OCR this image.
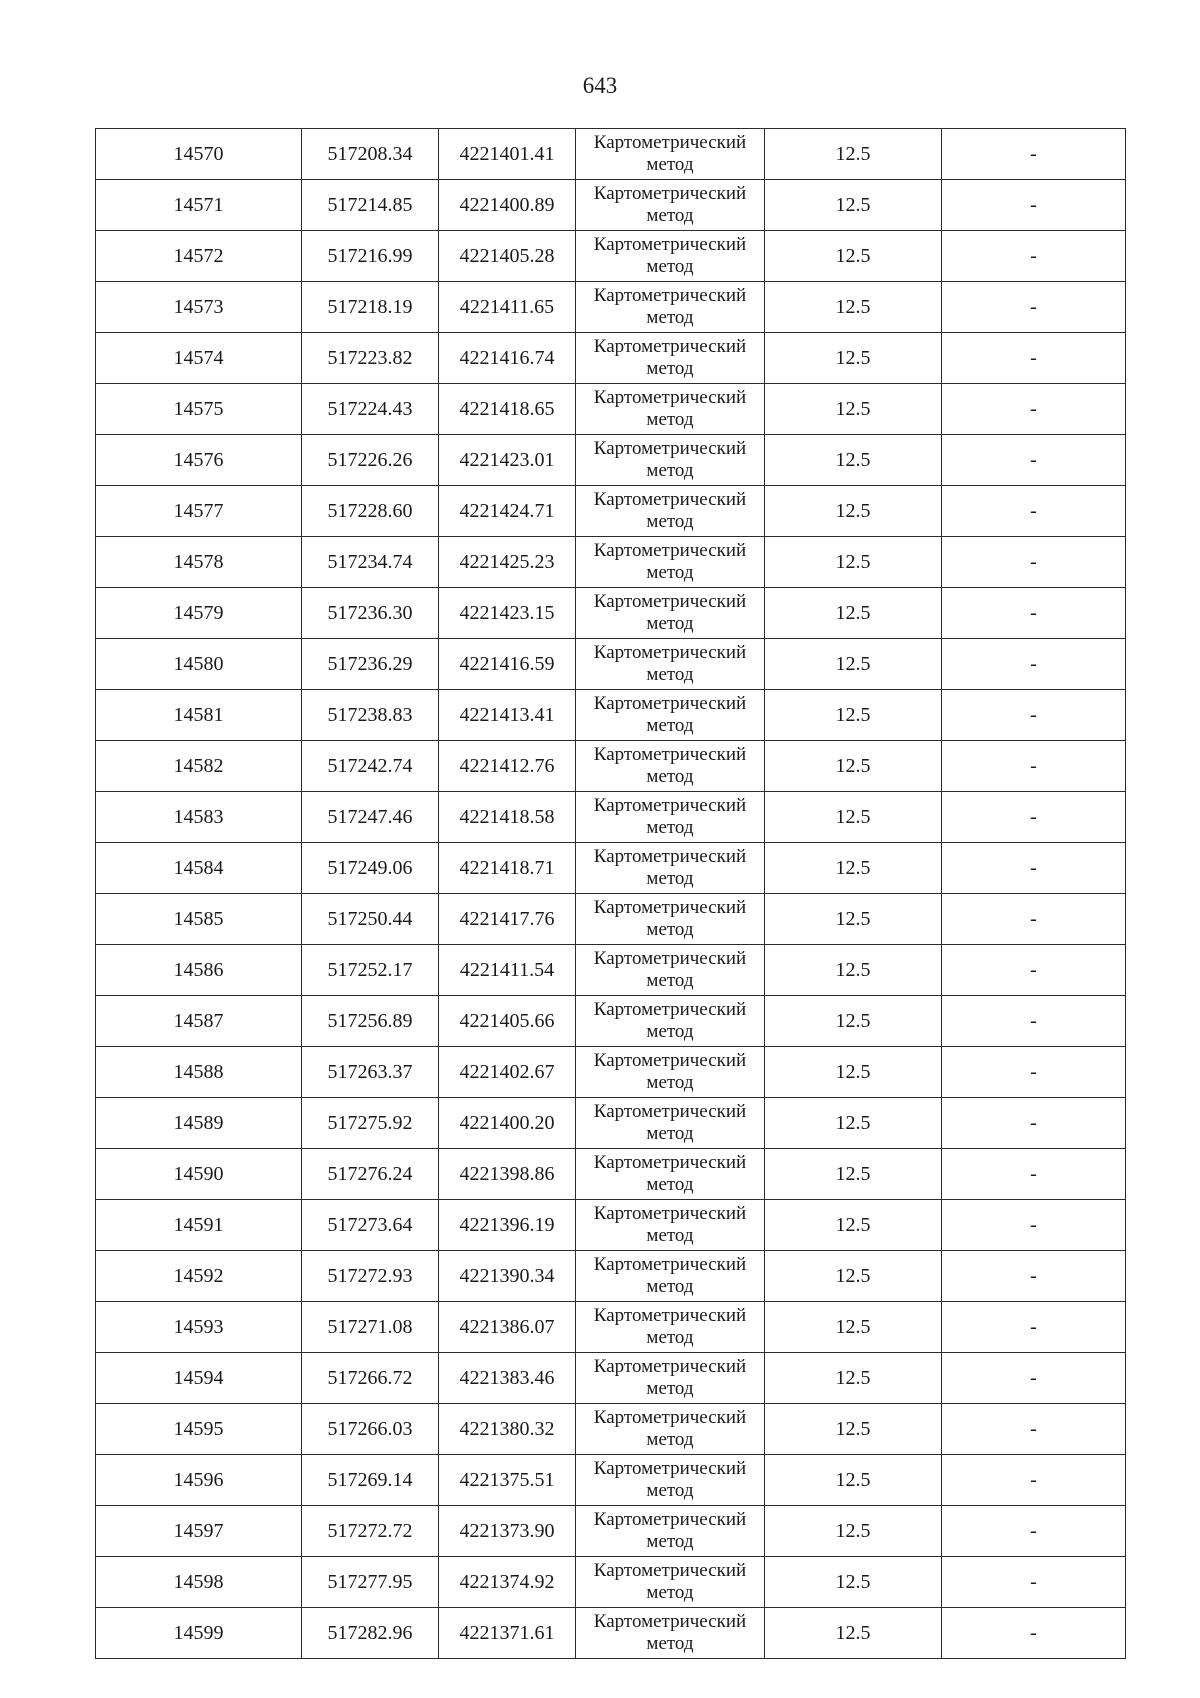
643
14570	517208.34	4221401.41	Картометрический метод	12.5	-
14571	517214.85	4221400.89	Картометрический метод	12.5	-
14572	517216.99	4221405.28	Картометрический метод	12.5	-
14573	517218.19	4221411.65	Картометрический метод	12.5	-
14574	517223.82	4221416.74	Картометрический метод	12.5	-
14575	517224.43	4221418.65	Картометрический метод	12.5	-
14576	517226.26	4221423.01	Картометрический метод	12.5	-
14577	517228.60	4221424.71	Картометрический метод	12.5	-
14578	517234.74	4221425.23	Картометрический метод	12.5	-
14579	517236.30	4221423.15	Картометрический метод	12.5	-
14580	517236.29	4221416.59	Картометрический метод	12.5	-
14581	517238.83	4221413.41	Картометрический метод	12.5	-
14582	517242.74	4221412.76	Картометрический метод	12.5	-
14583	517247.46	4221418.58	Картометрический метод	12.5	-
14584	517249.06	4221418.71	Картометрический метод	12.5	-
14585	517250.44	4221417.76	Картометрический метод	12.5	-
14586	517252.17	4221411.54	Картометрический метод	12.5	-
14587	517256.89	4221405.66	Картометрический метод	12.5	-
14588	517263.37	4221402.67	Картометрический метод	12.5	-
14589	517275.92	4221400.20	Картометрический метод	12.5	-
14590	517276.24	4221398.86	Картометрический метод	12.5	-
14591	517273.64	4221396.19	Картометрический метод	12.5	-
14592	517272.93	4221390.34	Картометрический метод	12.5	-
14593	517271.08	4221386.07	Картометрический метод	12.5	-
14594	517266.72	4221383.46	Картометрический метод	12.5	-
14595	517266.03	4221380.32	Картометрический метод	12.5	-
14596	517269.14	4221375.51	Картометрический метод	12.5	-
14597	517272.72	4221373.90	Картометрический метод	12.5	-
14598	517277.95	4221374.92	Картометрический метод	12.5	-
14599	517282.96	4221371.61	Картометрический метод	12.5	-
